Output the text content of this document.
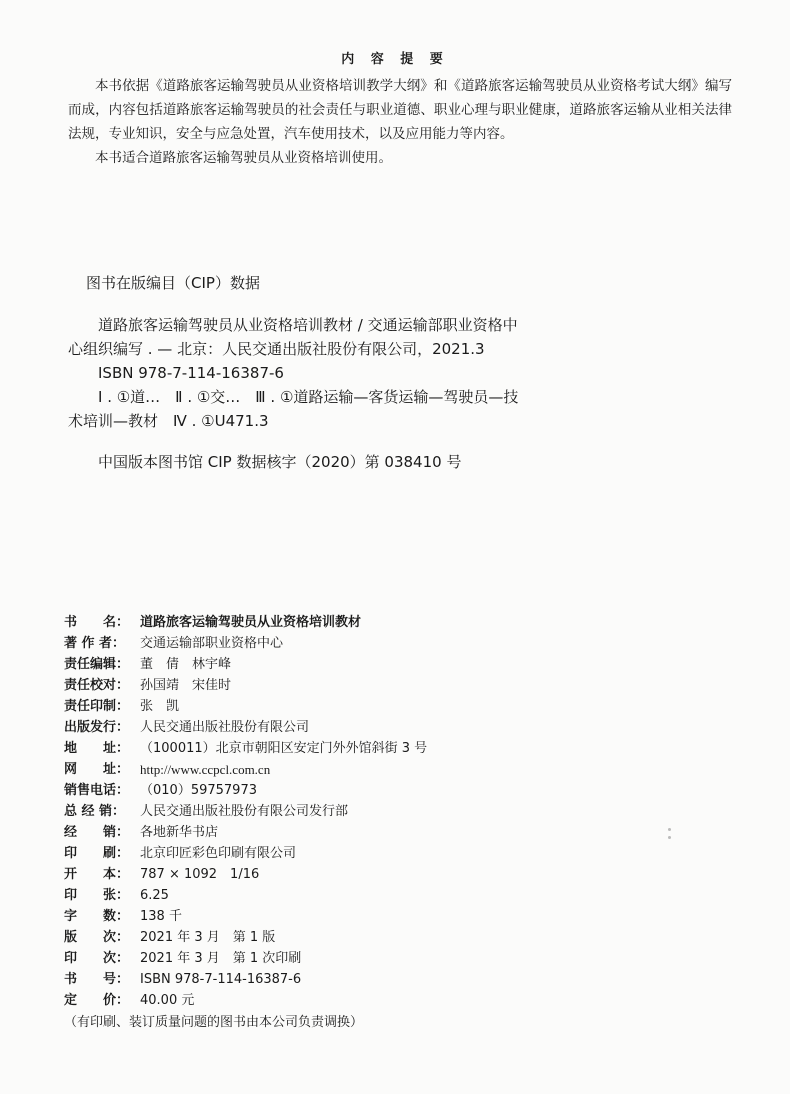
内 容 提 要

本书依据《道路旅客运输驾驶员从业资格培训教学大纲》和《道路旅客运输驾驶员从业资格考试大纲》编写而成，内容包括道路旅客运输驾驶员的社会责任与职业道德、职业心理与职业健康，道路旅客运输从业相关法律法规，专业知识，安全与应急处置，汽车使用技术，以及应用能力等内容。

本书适合道路旅客运输驾驶员从业资格培训使用。

图书在版编目（CIP）数据

道路旅客运输驾驶员从业资格培训教材 / 交通运输部职业资格中心组织编写 . — 北京：人民交通出版社股份有限公司，2021.3

ISBN 978-7-114-16387-6

Ⅰ . ①道…　Ⅱ . ①交…　Ⅲ . ①道路运输—客货运输—驾驶员—技术培训—教材　Ⅳ . ①U471.3

中国版本图书馆 CIP 数据核字（2020）第 038410 号

书　　名： 道路旅客运输驾驶员从业资格培训教材
著 作 者：	交通运输部职业资格中心
责任编辑： 董　倩　林宇峰
责任校对： 孙国靖　宋佳时
责任印制： 张　凯
出版发行： 人民交通出版社股份有限公司
地　　址： （100011）北京市朝阳区安定门外外馆斜街 3 号
网　　址： http://www.ccpcl.com.cn
销售电话： （010）59757973
总 经 销：	人民交通出版社股份有限公司发行部
经　　销： 各地新华书店
印　　刷： 北京印匠彩色印刷有限公司
开　　本： 787 × 1092　1/16
印　　张： 6.25
字　　数： 138 千
版　　次： 2021 年 3 月　第 1 版
印　　次： 2021 年 3 月　第 1 次印刷
书　　号： ISBN 978-7-114-16387-6
定　　价： 40.00 元
（有印刷、装订质量问题的图书由本公司负责调换）
